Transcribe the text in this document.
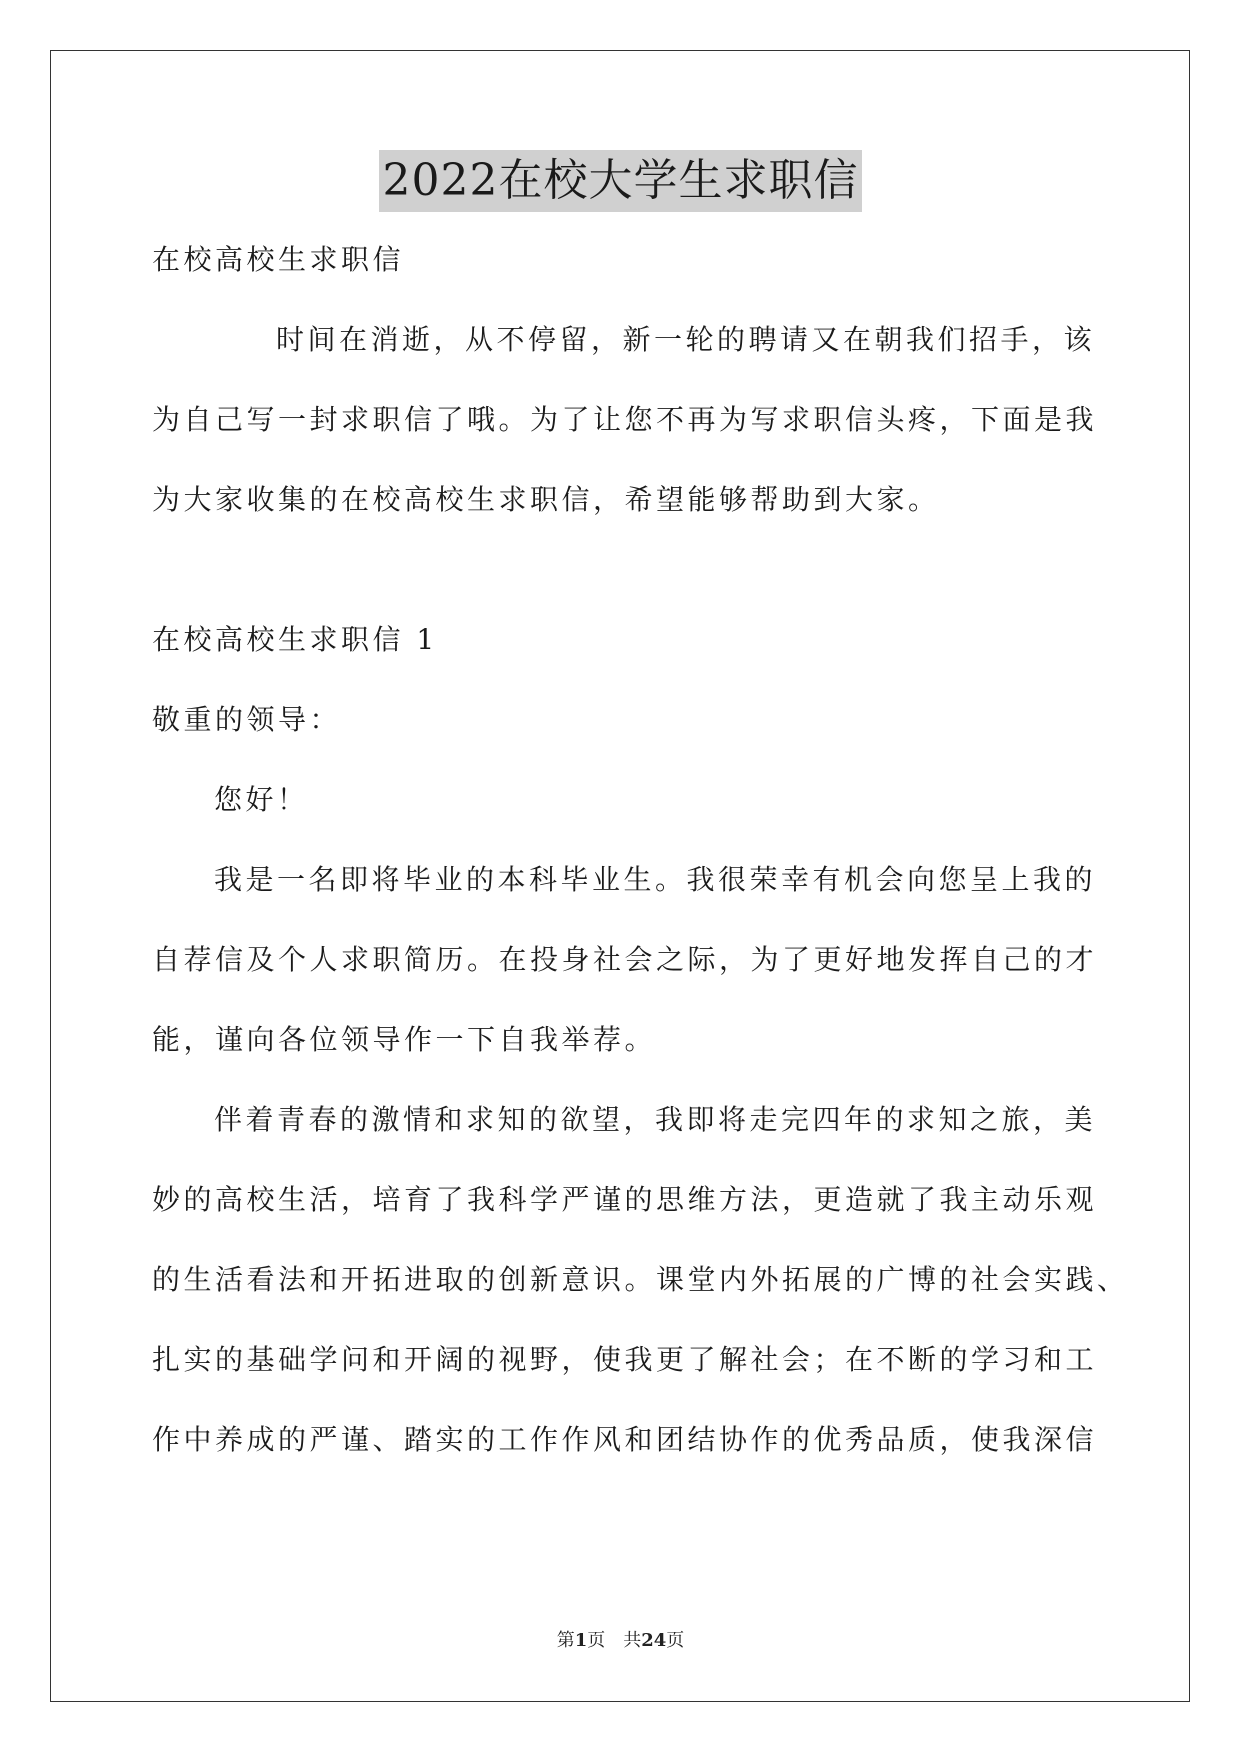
2022在校大学生求职信
在校高校生求职信
时间在消逝，从不停留，新一轮的聘请又在朝我们招手，该
为自己写一封求职信了哦。为了让您不再为写求职信头疼，下面是我
为大家收集的在校高校生求职信，希望能够帮助到大家。
在校高校生求职信 1
敬重的领导：
您好！
我是一名即将毕业的本科毕业生。我很荣幸有机会向您呈上我的
自荐信及个人求职简历。在投身社会之际，为了更好地发挥自己的才
能，谨向各位领导作一下自我举荐。
伴着青春的激情和求知的欲望，我即将走完四年的求知之旅，美
妙的高校生活，培育了我科学严谨的思维方法，更造就了我主动乐观
的生活看法和开拓进取的创新意识。课堂内外拓展的广博的社会实践、
扎实的基础学问和开阔的视野，使我更了解社会；在不断的学习和工
作中养成的严谨、踏实的工作作风和团结协作的优秀品质，使我深信
第1页　共24页
